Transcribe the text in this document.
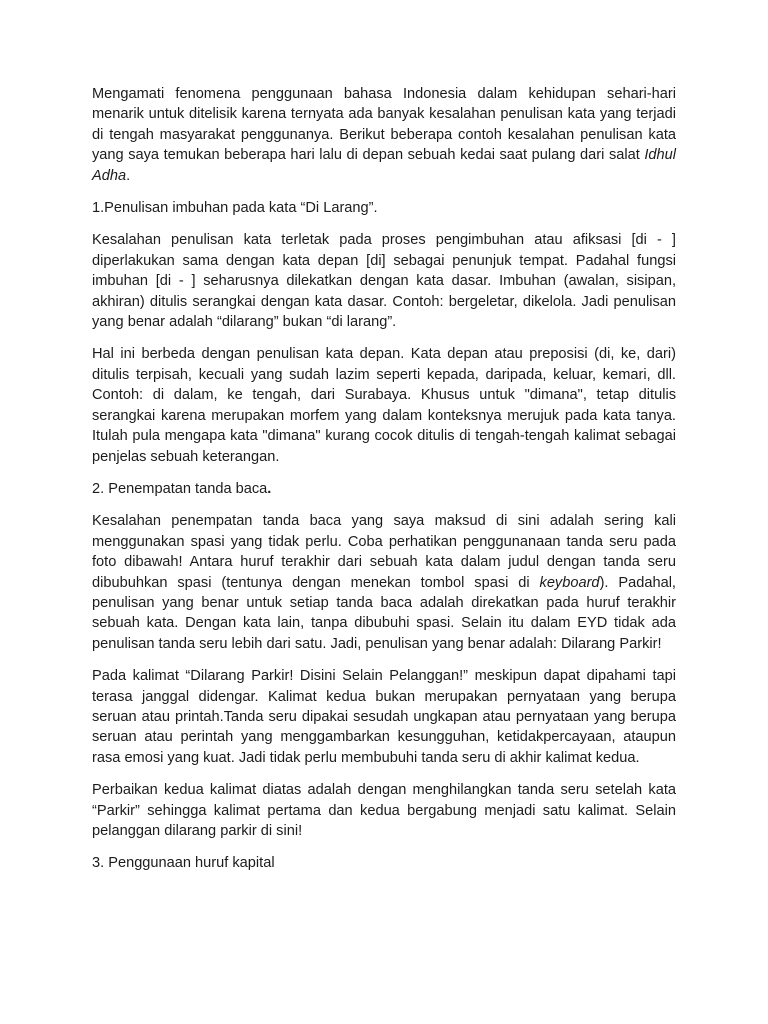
Mengamati fenomena penggunaan bahasa Indonesia dalam kehidupan sehari-hari menarik untuk ditelisik karena ternyata ada banyak kesalahan penulisan kata yang terjadi di tengah masyarakat penggunanya. Berikut beberapa contoh kesalahan penulisan kata yang saya temukan beberapa hari lalu di depan sebuah kedai saat pulang dari salat Idhul Adha.

1.Penulisan imbuhan pada kata “Di Larang”.

Kesalahan penulisan kata terletak pada proses pengimbuhan atau afiksasi [di - ] diperlakukan sama dengan kata depan [di] sebagai penunjuk tempat. Padahal fungsi imbuhan [di - ] seharusnya dilekatkan dengan kata dasar. Imbuhan (awalan, sisipan, akhiran) ditulis serangkai dengan kata dasar. Contoh: bergeletar, dikelola. Jadi penulisan yang benar adalah “dilarang” bukan “di larang”.

Hal ini berbeda dengan penulisan kata depan. Kata depan atau preposisi (di, ke, dari) ditulis terpisah, kecuali yang sudah lazim seperti kepada, daripada, keluar, kemari, dll. Contoh: di dalam, ke tengah, dari Surabaya. Khusus untuk "dimana", tetap ditulis serangkai karena merupakan morfem yang dalam konteksnya merujuk pada kata tanya. Itulah pula mengapa kata "dimana" kurang cocok ditulis di tengah-tengah kalimat sebagai penjelas sebuah keterangan.

2. Penempatan tanda baca.

Kesalahan penempatan tanda baca yang saya maksud di sini adalah sering kali menggunakan spasi yang tidak perlu. Coba perhatikan penggunanaan tanda seru pada foto dibawah! Antara huruf terakhir dari sebuah kata dalam judul dengan tanda seru dibubuhkan spasi (tentunya dengan menekan tombol spasi di keyboard). Padahal, penulisan yang benar untuk setiap tanda baca adalah direkatkan pada huruf terakhir sebuah kata. Dengan kata lain, tanpa dibubuhi spasi. Selain itu dalam EYD tidak ada penulisan tanda seru lebih dari satu. Jadi, penulisan yang benar adalah: Dilarang Parkir!

Pada kalimat “Dilarang Parkir! Disini Selain Pelanggan!” meskipun dapat dipahami tapi terasa janggal didengar. Kalimat kedua bukan merupakan pernyataan yang berupa seruan atau printah.Tanda seru dipakai sesudah ungkapan atau pernyataan yang berupa seruan atau perintah yang menggambarkan kesungguhan, ketidakpercayaan, ataupun rasa emosi yang kuat. Jadi tidak perlu membubuhi tanda seru di akhir kalimat kedua.

Perbaikan kedua kalimat diatas adalah dengan menghilangkan tanda seru setelah kata “Parkir” sehingga kalimat pertama dan kedua bergabung menjadi satu kalimat. Selain pelanggan dilarang parkir di sini!

3. Penggunaan huruf kapital
